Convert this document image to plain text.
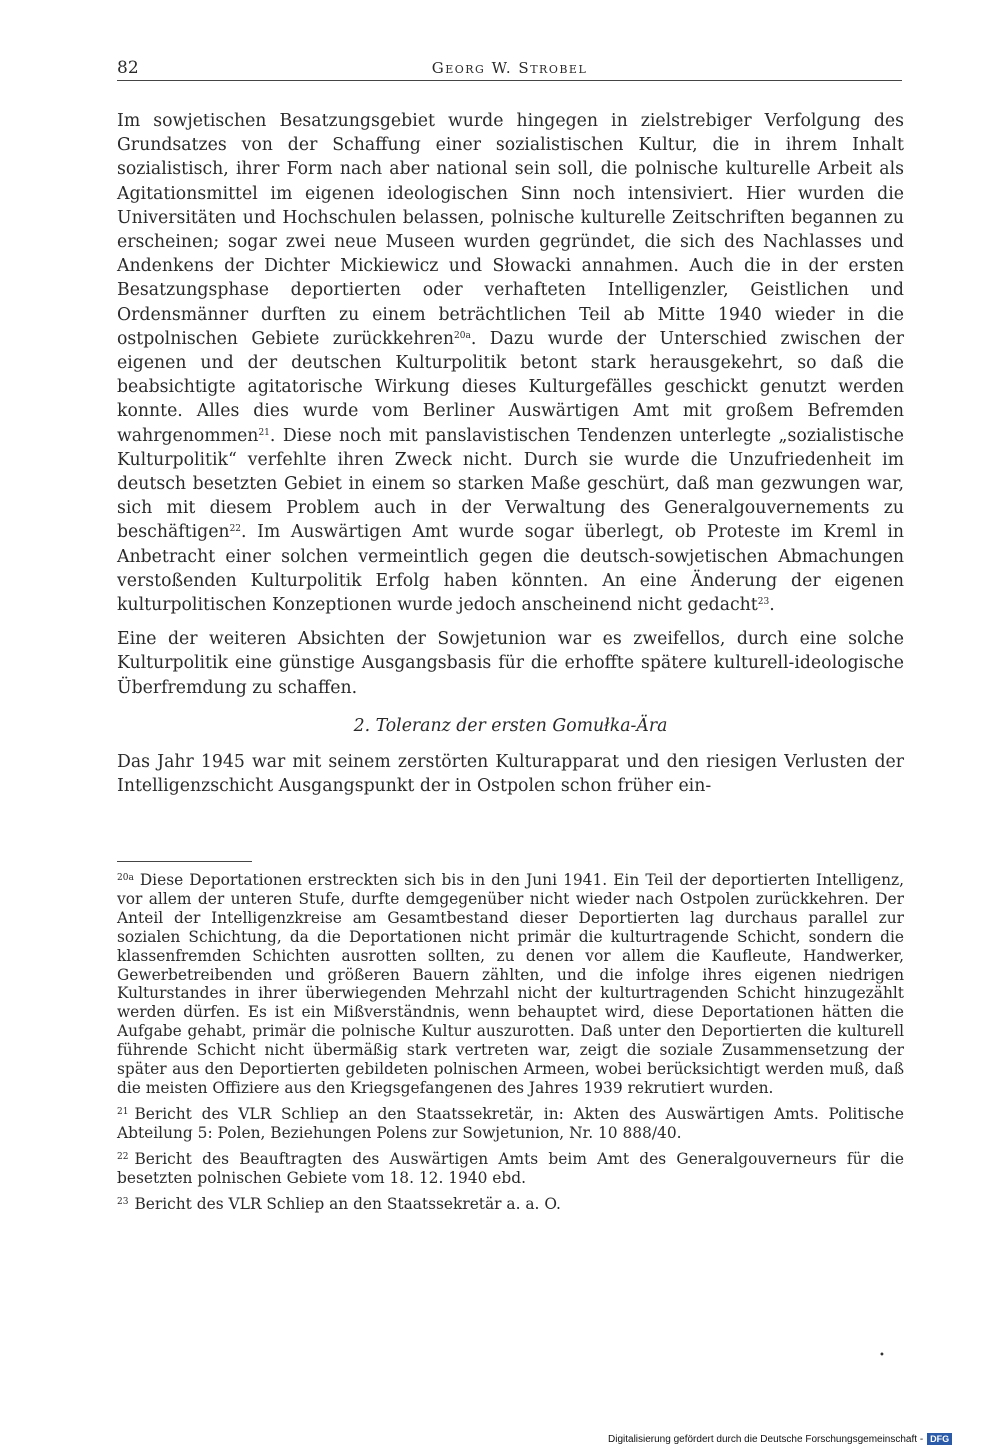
82	Georg W. Strobel

Im sowjetischen Besatzungsgebiet wurde hingegen in zielstrebiger Verfolgung des Grundsatzes von der Schaffung einer sozialistischen Kultur, die in ihrem Inhalt sozialistisch, ihrer Form nach aber national sein soll, die polnische kulturelle Arbeit als Agitationsmittel im eigenen ideologischen Sinn noch intensiviert. Hier wurden die Universitäten und Hochschulen belassen, polnische kulturelle Zeitschriften begannen zu erscheinen; sogar zwei neue Museen wurden gegründet, die sich des Nachlasses und Andenkens der Dichter Mickiewicz und Słowacki annahmen. Auch die in der ersten Besatzungsphase deportierten oder verhafteten Intelligenzler, Geistlichen und Ordensmänner durften zu einem beträchtlichen Teil ab Mitte 1940 wieder in die ostpolnischen Gebiete zurückkehren$^{20a}$. Dazu wurde der Unterschied zwischen der eigenen und der deutschen Kulturpolitik betont stark herausgekehrt, so daß die beabsichtigte agitatorische Wirkung dieses Kulturgefälles geschickt genutzt werden konnte. Alles dies wurde vom Berliner Auswärtigen Amt mit großem Befremden wahrgenommen$^{21}$. Diese noch mit panslavistischen Tendenzen unterlegte „sozialistische Kulturpolitik“ verfehlte ihren Zweck nicht. Durch sie wurde die Unzufriedenheit im deutsch besetzten Gebiet in einem so starken Maße geschürt, daß man gezwungen war, sich mit diesem Problem auch in der Verwaltung des Generalgouvernements zu beschäftigen$^{22}$. Im Auswärtigen Amt wurde sogar überlegt, ob Proteste im Kreml in Anbetracht einer solchen vermeintlich gegen die deutsch-sowjetischen Abmachungen verstoßenden Kulturpolitik Erfolg haben könnten. An eine Änderung der eigenen kulturpolitischen Konzeptionen wurde jedoch anscheinend nicht gedacht$^{23}$.

Eine der weiteren Absichten der Sowjetunion war es zweifellos, durch eine solche Kulturpolitik eine günstige Ausgangsbasis für die erhoffte spätere kulturell-ideologische Überfremdung zu schaffen.

2. Toleranz der ersten Gomułka-Ära

Das Jahr 1945 war mit seinem zerstörten Kulturapparat und den riesigen Verlusten der Intelligenzschicht Ausgangspunkt der in Ostpolen schon früher ein-

$^{20a}$ Diese Deportationen erstreckten sich bis in den Juni 1941. Ein Teil der deportierten Intelligenz, vor allem der unteren Stufe, durfte demgegenüber nicht wieder nach Ostpolen zurückkehren. Der Anteil der Intelligenzkreise am Gesamtbestand dieser Deportierten lag durchaus parallel zur sozialen Schichtung, da die Deportationen nicht primär die kulturtragende Schicht, sondern die klassenfremden Schichten ausrotten sollten, zu denen vor allem die Kaufleute, Handwerker, Gewerbetreibenden und größeren Bauern zählten, und die infolge ihres eigenen niedrigen Kulturstandes in ihrer überwiegenden Mehrzahl nicht der kulturtragenden Schicht hinzugezählt werden dürfen. Es ist ein Mißverständnis, wenn behauptet wird, diese Deportationen hätten die Aufgabe gehabt, primär die polnische Kultur auszurotten. Daß unter den Deportierten die kulturell führende Schicht nicht übermäßig stark vertreten war, zeigt die soziale Zusammensetzung der später aus den Deportierten gebildeten polnischen Armeen, wobei berücksichtigt werden muß, daß die meisten Offiziere aus den Kriegsgefangenen des Jahres 1939 rekrutiert wurden.

$^{21}$ Bericht des VLR Schliep an den Staatssekretär, in: Akten des Auswärtigen Amts. Politische Abteilung 5: Polen, Beziehungen Polens zur Sowjetunion, Nr. 10 888/40.

$^{22}$ Bericht des Beauftragten des Auswärtigen Amts beim Amt des Generalgouverneurs für die besetzten polnischen Gebiete vom 18. 12. 1940 ebd.

$^{23}$ Bericht des VLR Schliep an den Staatssekretär a. a. O.

•
Digitalisierung gefördert durch die Deutsche Forschungsgemeinschaft - DFG
